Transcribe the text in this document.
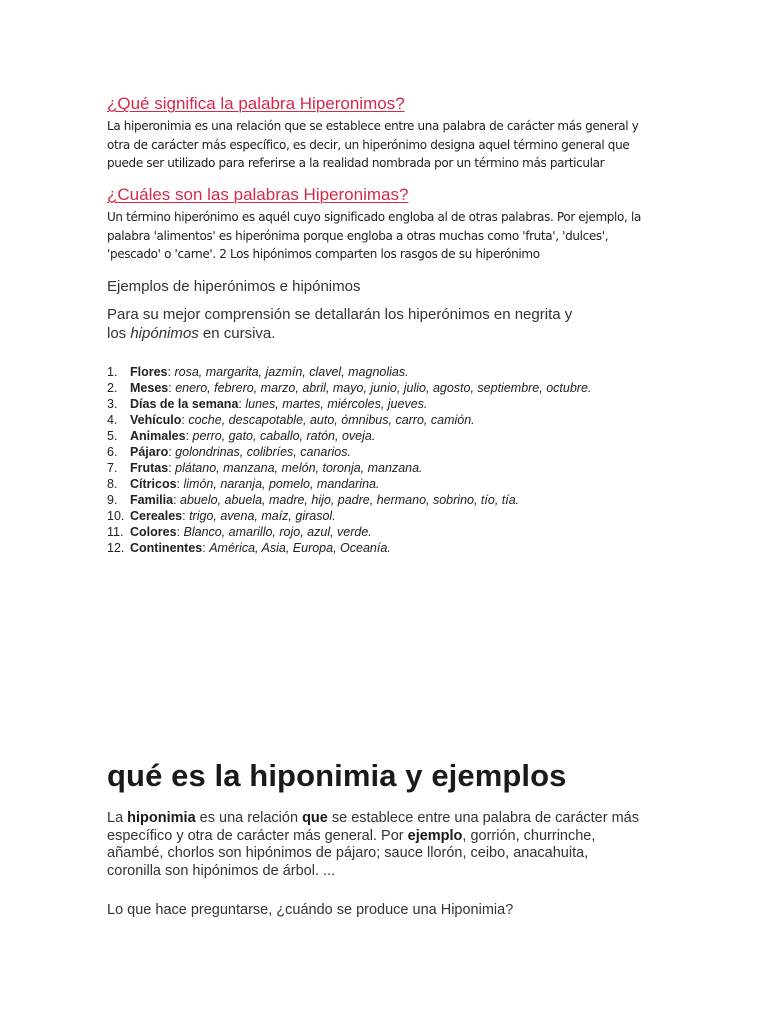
¿Qué significa la palabra Hiperonimos?

La hiperonimia es una relación que se establece entre una palabra de carácter más general y
otra de carácter más específico, es decir, un hiperónimo designa aquel término general que
puede ser utilizado para referirse a la realidad nombrada por un término más particular

¿Cuáles son las palabras Hiperonimas?

Un término hiperónimo es aquél cuyo significado engloba al de otras palabras. Por ejemplo, la
palabra 'alimentos' es hiperónima porque engloba a otras muchas como 'fruta', 'dulces',
'pescado' o 'carne'. 2 Los hipónimos comparten los rasgos de su hiperónimo

Ejemplos de hiperónimos e hipónimos

Para su mejor comprensión se detallarán los hiperónimos en negrita y
los hipónimos en cursiva.

1. Flores: rosa, margarita, jazmín, clavel, magnolias.
2. Meses: enero, febrero, marzo, abril, mayo, junio, julio, agosto, septiembre, octubre.
3. Días de la semana: lunes, martes, miércoles, jueves.
4. Vehículo: coche, descapotable, auto, ómnibus, carro, camión.
5. Animales: perro, gato, caballo, ratón, oveja.
6. Pájaro: golondrinas, colibríes, canarios.
7. Frutas: plátano, manzana, melón, toronja, manzana.
8. Cítricos: limón, naranja, pomelo, mandarina.
9. Familia: abuelo, abuela, madre, hijo, padre, hermano, sobrino, tío, tía.
10. Cereales: trigo, avena, maíz, girasol.
11. Colores: Blanco, amarillo, rojo, azul, verde.
12. Continentes: América, Asia, Europa, Oceanía.
qué es la hiponimia y ejemplos

La hiponimia es una relación que se establece entre una palabra de carácter más
específico y otra de carácter más general. Por ejemplo, gorrión, churrinche,
añambé, chorlos son hipónimos de pájaro; sauce llorón, ceibo, anacahuita,
coronilla son hipónimos de árbol. ...

Lo que hace preguntarse, ¿cuándo se produce una Hiponimia?
